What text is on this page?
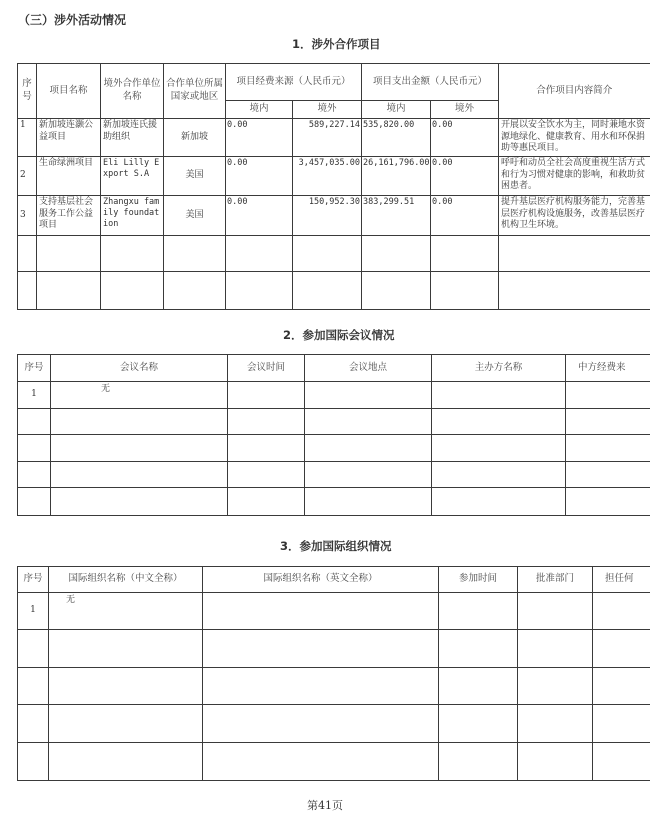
（三）涉外活动情况
1．涉外合作项目
序号	项目名称	境外合作单位名称	合作单位所属国家或地区	项目经费来源（人民币元）		项目支出金额（人民币元）		合作项目内容简介
				境内	境外	境内	境外	
1	新加坡连灏公益项目	新加坡连氏援助组织	新加坡	0.00	589,227.14	535,820.00	0.00	开展以安全饮水为主，同时兼地水资源地绿化、健康教育、用水和环保捐助等惠民项目。
2	生命绿洲项目	Eli Lilly Export S.A	美国	0.00	3,457,035.00	26,161,796.00	0.00	呼吁和动员全社会高度重视生活方式和行为习惯对健康的影响，和救助贫困患者。
3	支持基层社会服务工作公益项目	Zhangxu family foundation	美国	0.00	150,952.30	383,299.51	0.00	提升基层医疗机构服务能力，完善基层医疗机构设施服务，改善基层医疗机构卫生环境。

2．参加国际会议情况
序号	会议名称	会议时间	会议地点	主办方名称	中方经费来
1	无				

3．参加国际组织情况
序号	国际组织名称（中文全称）	国际组织名称（英文全称）	参加时间	批准部门	担任何
1	无				

第41页
